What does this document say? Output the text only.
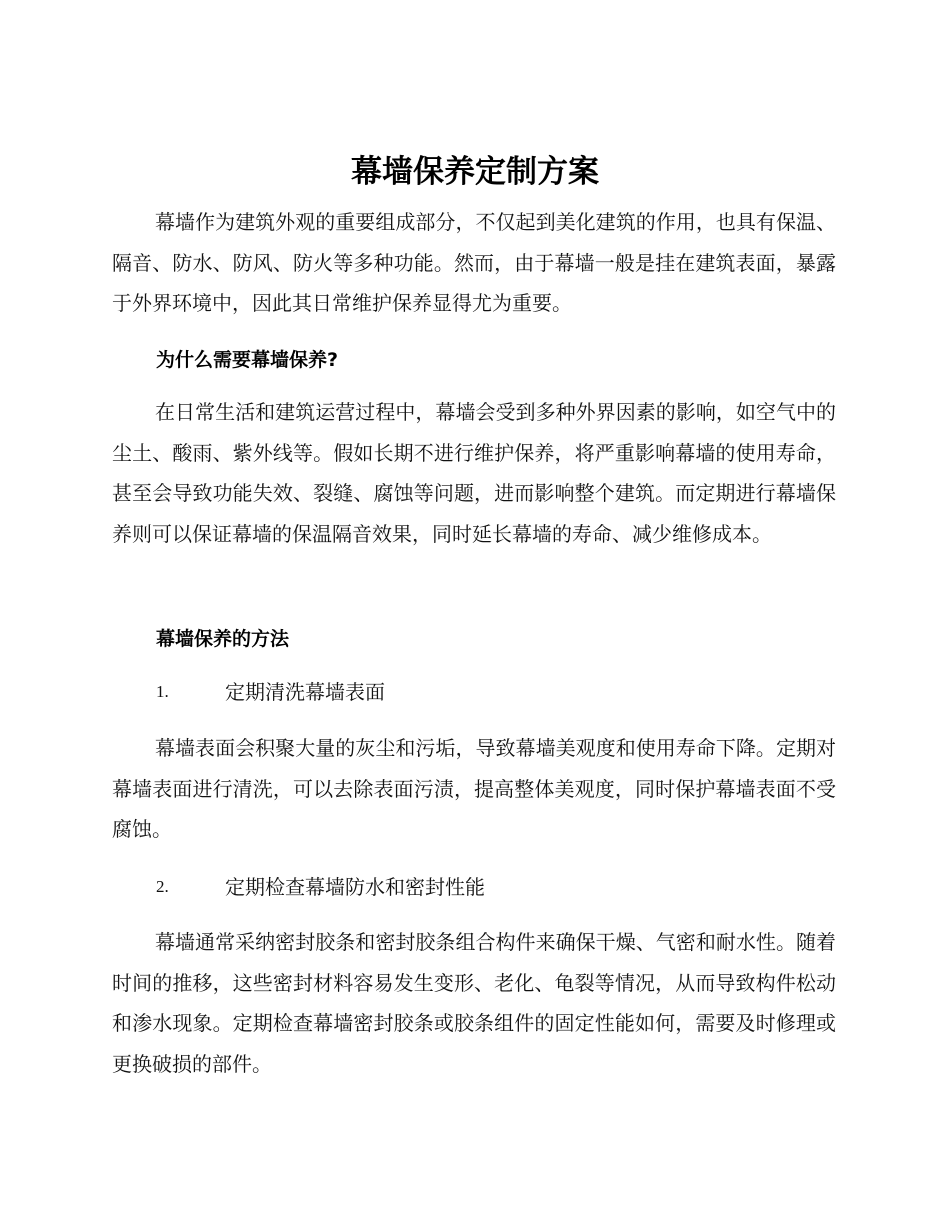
幕墙保养定制方案

幕墙作为建筑外观的重要组成部分，不仅起到美化建筑的作用，也具有保温、隔音、防水、防风、防火等多种功能。然而，由于幕墙一般是挂在建筑表面，暴露于外界环境中，因此其日常维护保养显得尤为重要。

为什么需要幕墙保养?

在日常生活和建筑运营过程中，幕墙会受到多种外界因素的影响，如空气中的尘土、酸雨、紫外线等。假如长期不进行维护保养，将严重影响幕墙的使用寿命，甚至会导致功能失效、裂缝、腐蚀等问题，进而影响整个建筑。而定期进行幕墙保养则可以保证幕墙的保温隔音效果，同时延长幕墙的寿命、减少维修成本。

幕墙保养的方法
1.	定期清洗幕墙表面

幕墙表面会积聚大量的灰尘和污垢，导致幕墙美观度和使用寿命下降。定期对幕墙表面进行清洗，可以去除表面污渍，提高整体美观度，同时保护幕墙表面不受腐蚀。

2.	定期检查幕墙防水和密封性能

幕墙通常采纳密封胶条和密封胶条组合构件来确保干燥、气密和耐水性。随着时间的推移，这些密封材料容易发生变形、老化、龟裂等情况，从而导致构件松动和渗水现象。定期检查幕墙密封胶条或胶条组件的固定性能如何，需要及时修理或更换破损的部件。
